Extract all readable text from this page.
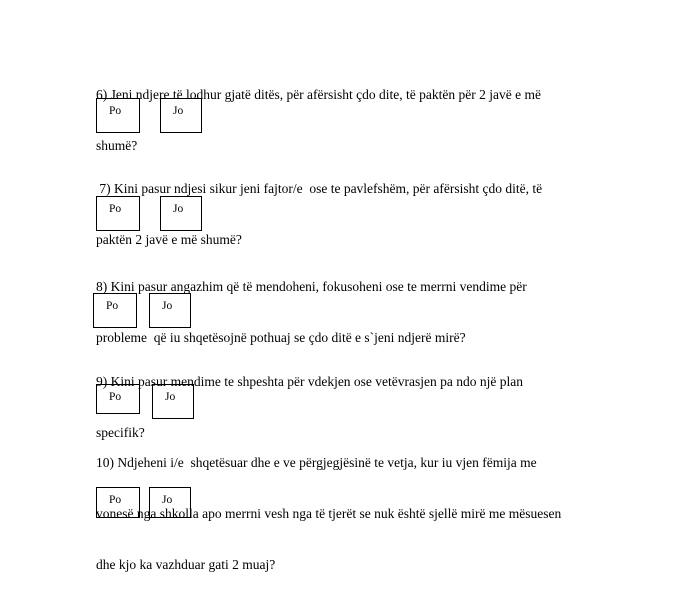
6) Jeni ndjere të lodhur gjatë ditës, për afërsisht çdo dite, të paktën për 2 javë e më

shumë?

Po	Jo

7) Kini pasur ndjesi sikur jeni fajtor/e  ose te pavlefshëm, për afërsisht çdo ditë, të

paktën 2 javë e më shumë?

Po	Jo

8) Kini pasur angazhim që të mendoheni, fokusoheni ose te merrni vendime për

probleme  që iu shqetësojnë pothuaj se çdo ditë e s`jeni ndjerë mirë?

Po	Jo

9) Kini pasur mendime te shpeshta për vdekjen ose vetëvrasjen pa ndo një plan

specifik?

Po	Jo

10) Ndjeheni i/e  shqetësuar dhe e ve përgjegjësinë te vetja, kur iu vjen fëmija me

vonesë nga shkolla apo merrni vesh nga të tjerët se nuk është sjellë mirë me mësuesen

dhe kjo ka vazhduar gati 2 muaj?

Po	Jo
